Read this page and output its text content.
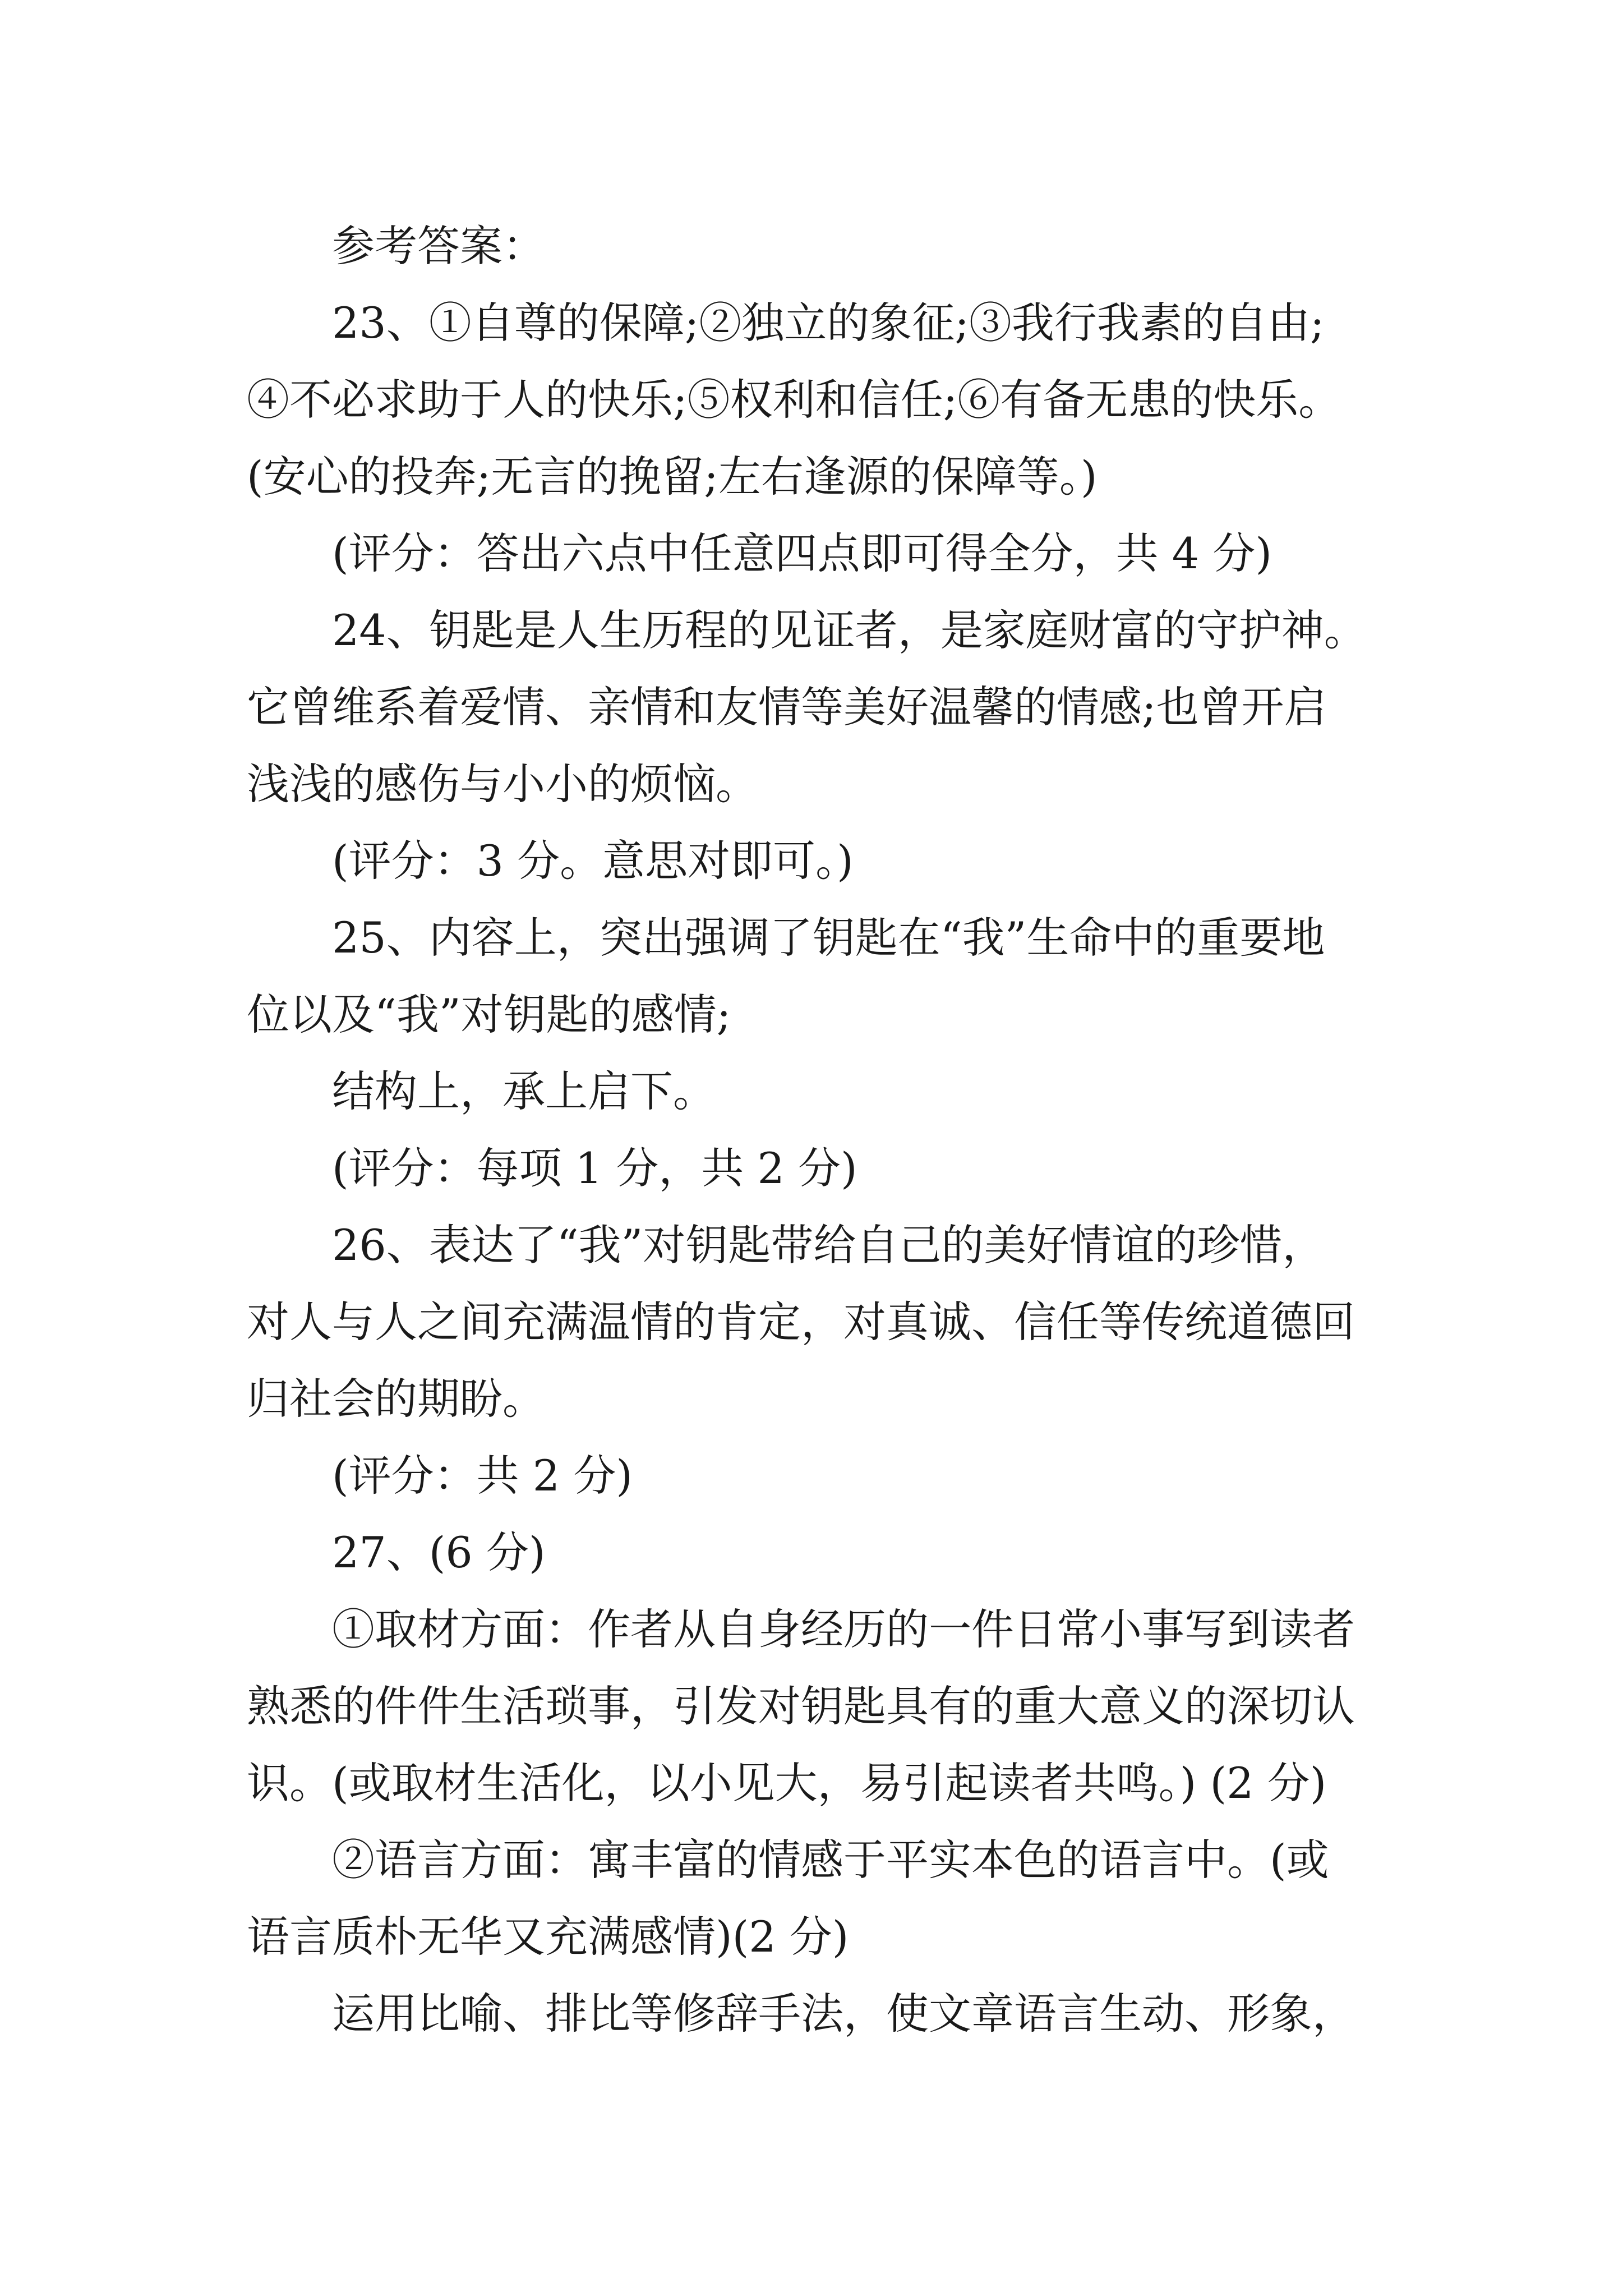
参考答案：
23、①自尊的保障;②独立的象征;③我行我素的自由;
④不必求助于人的快乐;⑤权利和信任;⑥有备无患的快乐。
(安心的投奔;无言的挽留;左右逢源的保障等。)
(评分：答出六点中任意四点即可得全分，共 4 分)
24、钥匙是人生历程的见证者，是家庭财富的守护神。
它曾维系着爱情、亲情和友情等美好温馨的情感;也曾开启
浅浅的感伤与小小的烦恼。
(评分：3 分。意思对即可。)
25、内容上，突出强调了钥匙在“我”生命中的重要地
位以及“我”对钥匙的感情;
结构上，承上启下。
(评分：每项 1 分，共 2 分)
26、表达了“我”对钥匙带给自己的美好情谊的珍惜，
对人与人之间充满温情的肯定，对真诚、信任等传统道德回
归社会的期盼。
(评分：共 2 分)
27、(6 分)
①取材方面：作者从自身经历的一件日常小事写到读者
熟悉的件件生活琐事，引发对钥匙具有的重大意义的深切认
识。(或取材生活化，以小见大，易引起读者共鸣。) (2 分)
②语言方面：寓丰富的情感于平实本色的语言中。(或
语言质朴无华又充满感情)(2 分)
运用比喻、排比等修辞手法，使文章语言生动、形象，
